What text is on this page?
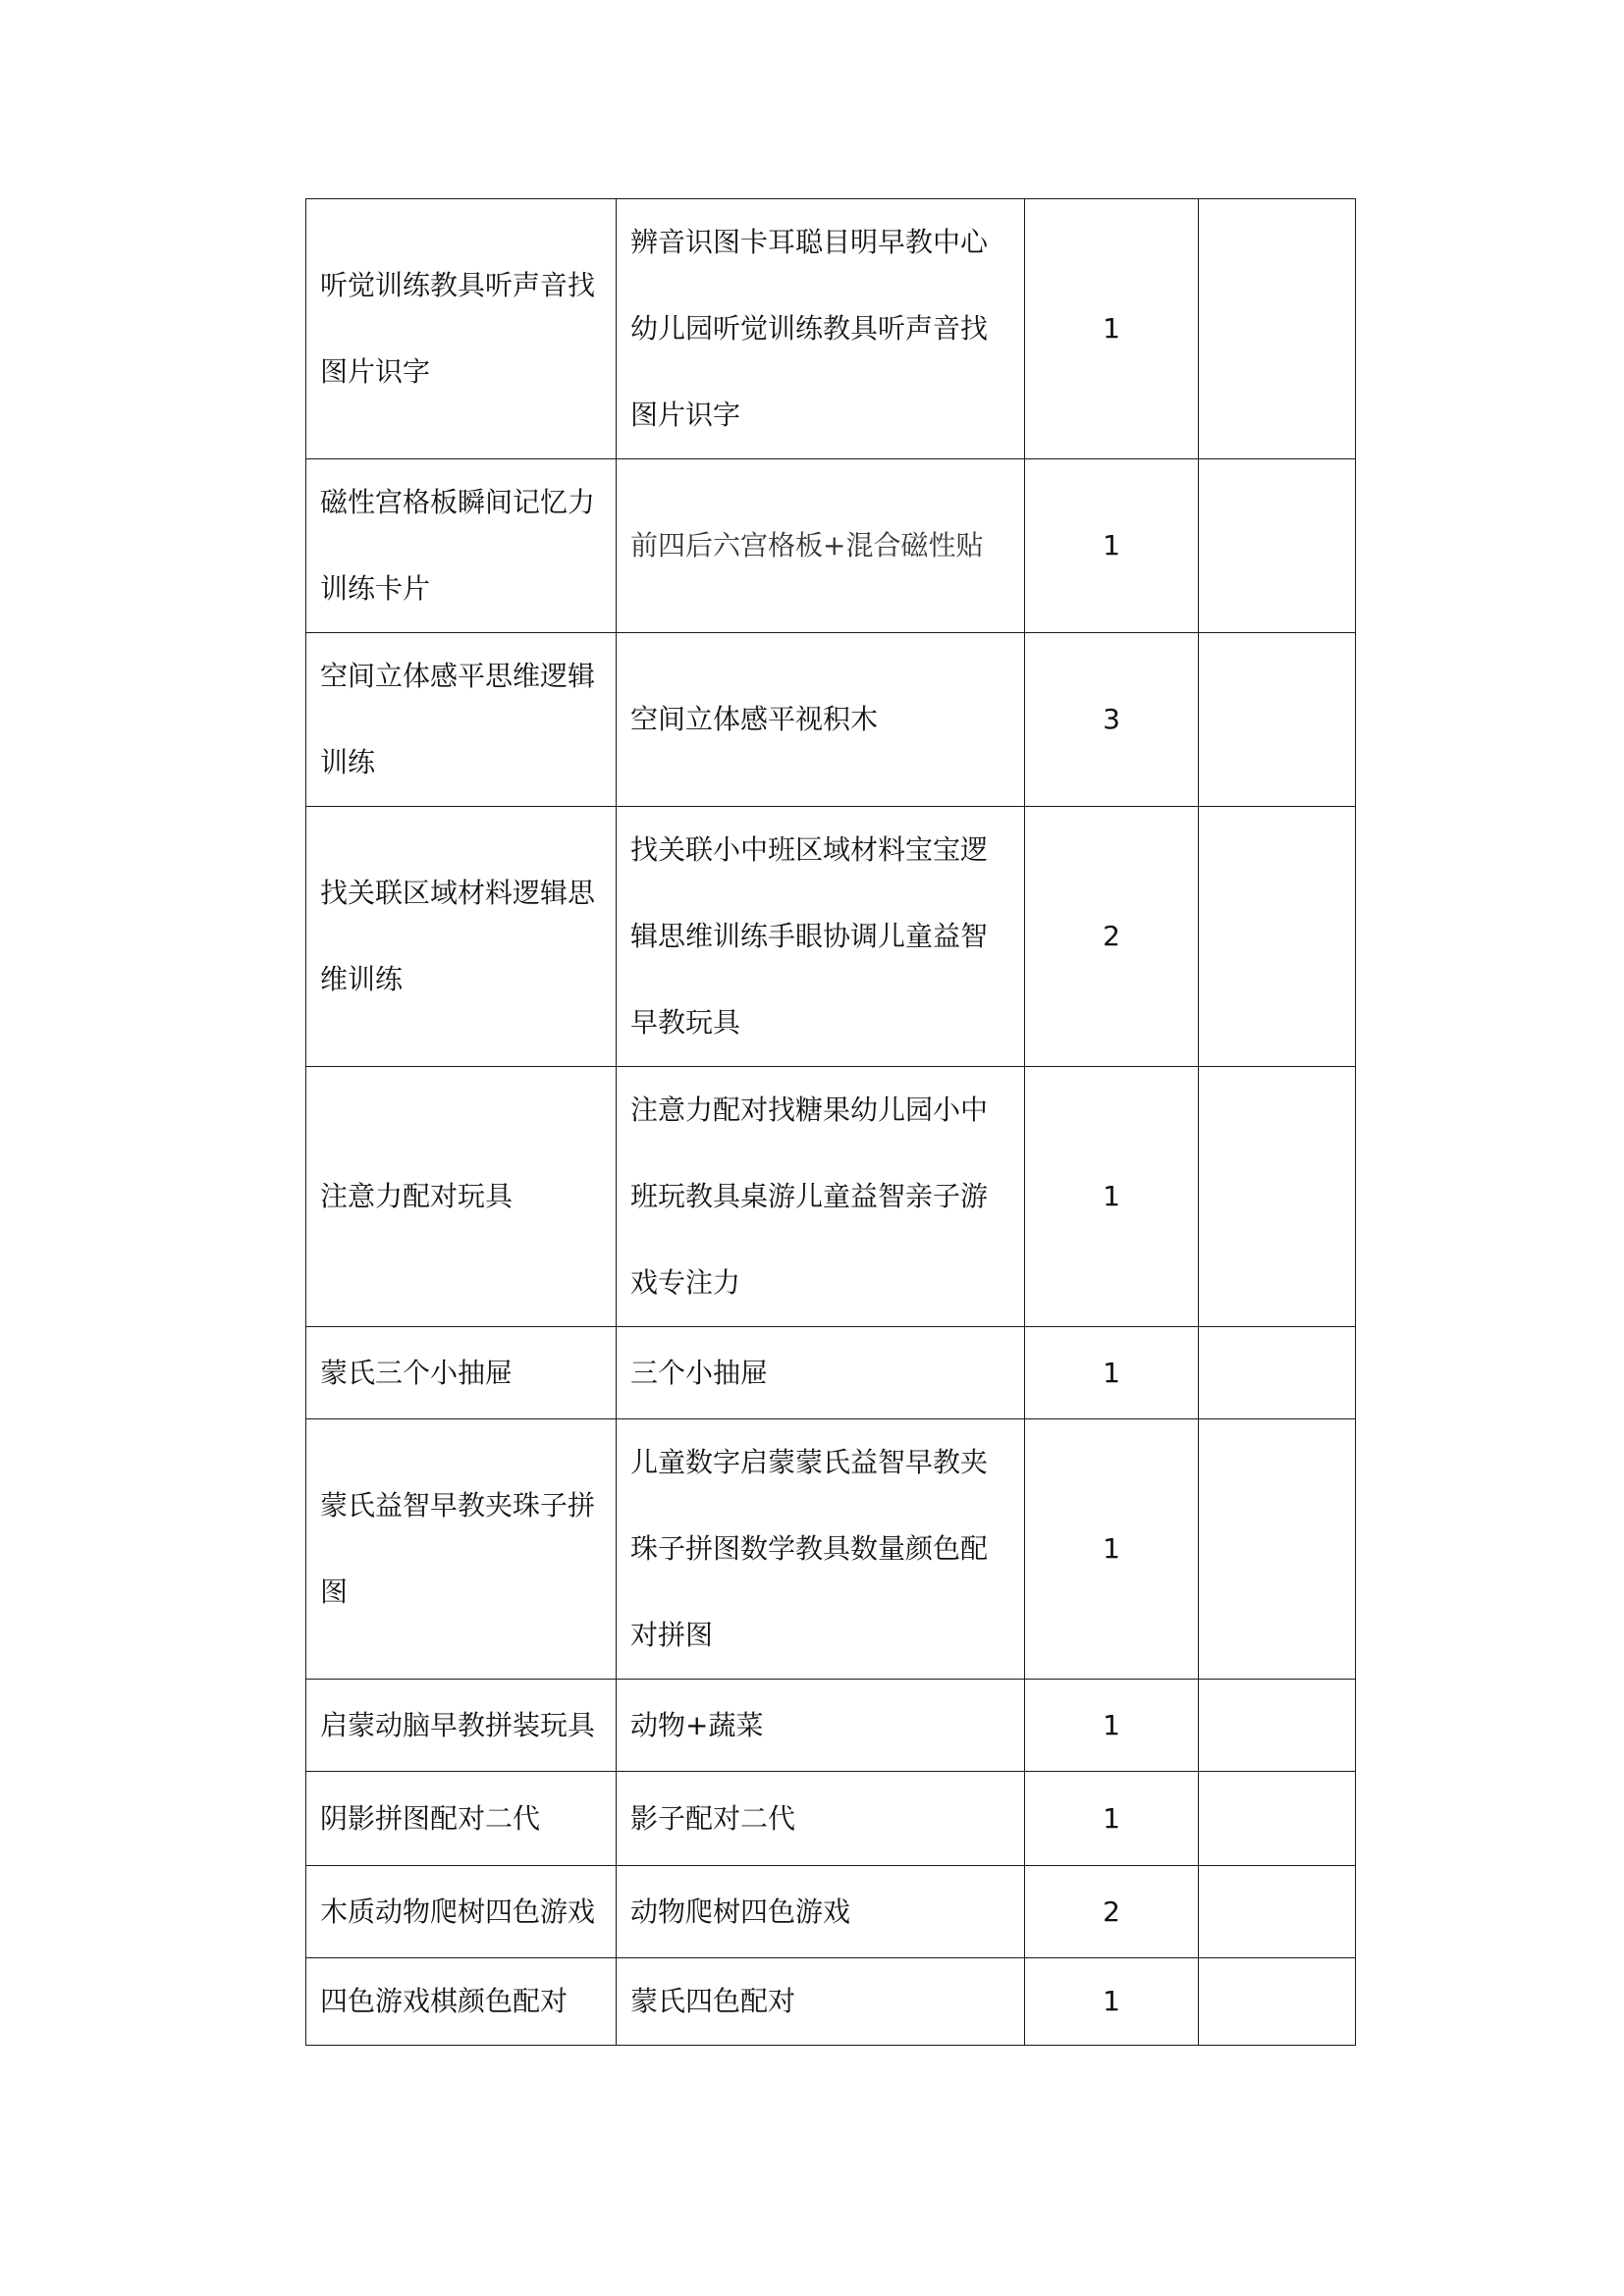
听觉训练教具听声音找图片识字	辨音识图卡耳聪目明早教中心幼儿园听觉训练教具听声音找图片识字	1	
磁性宫格板瞬间记忆力训练卡片	前四后六宫格板+混合磁性贴	1	
空间立体感平思维逻辑训练	空间立体感平视积木	3	
找关联区域材料逻辑思维训练	找关联小中班区域材料宝宝逻辑思维训练手眼协调儿童益智早教玩具	2	
注意力配对玩具	注意力配对找糖果幼儿园小中班玩教具桌游儿童益智亲子游戏专注力	1	
蒙氏三个小抽屉	三个小抽屉	1	
蒙氏益智早教夹珠子拼图	儿童数字启蒙蒙氏益智早教夹珠子拼图数学教具数量颜色配对拼图	1	
启蒙动脑早教拼装玩具	动物+蔬菜	1	
阴影拼图配对二代	影子配对二代	1	
木质动物爬树四色游戏	动物爬树四色游戏	2	
四色游戏棋颜色配对	蒙氏四色配对	1	
